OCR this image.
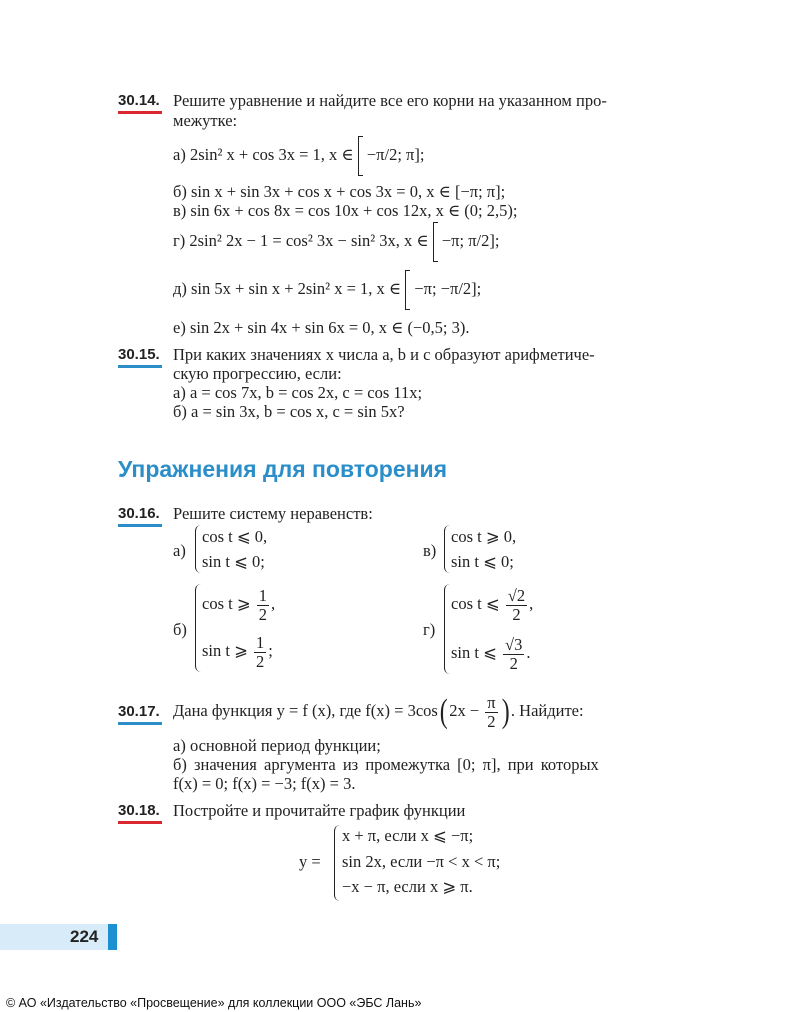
30.14. Решите уравнение и найдите все его корни на указанном про-
межутке:
а) 2sin² x + cos 3x = 1, x ∈ −π/2; π];
б) sin x + sin 3x + cos x + cos 3x = 0, x ∈ [−π; π];
в) sin 6x + cos 8x = cos 10x + cos 12x, x ∈ (0; 2,5);
г) 2sin² 2x − 1 = cos² 3x − sin² 3x, x ∈ −π; π/2];
д) sin 5x + sin x + 2sin² x = 1, x ∈ −π; −π/2];
е) sin 2x + sin 4x + sin 6x = 0, x ∈ (−0,5; 3).
30.15. При каких значениях x числа a, b и c образуют арифметиче-
скую прогрессию, если:
а) a = cos 7x, b = cos 2x, c = cos 11x;
б) a = sin 3x, b = cos x, c = sin 5x?
Упражнения для повторения
30.16. Решите систему неравенств:
а)
cos t ⩽ 0,
sin t ⩽ 0;
в)
cos t ⩾ 0,
sin t ⩽ 0;
б)
cos t ⩾ $\frac{1}{2}$ ,
sin t ⩾ $\frac{1}{2}$ ;
г)
cos t ⩽ $\frac{√2}{2}$ ,
sin t ⩽ $\frac{√3}{2}$ .
30.17. Дана функция y = f (x), где f(x) = 3cos( $2x - \frac{\pi}{2}$ ) . Найдите:
а) основной период функции;
б) значения аргумента из промежутка [0; π], при которых
f(x) = 0; f(x) = −3; f(x) = 3.
30.18. Постройте и прочитайте график функции
y =
x + π, если x ⩽ −π;
sin 2x, если −π < x < π;
−x − π, если x ⩾ π.
224
© АО «Издательство «Просвещение» для коллекции ООО «ЭБС Лань»
